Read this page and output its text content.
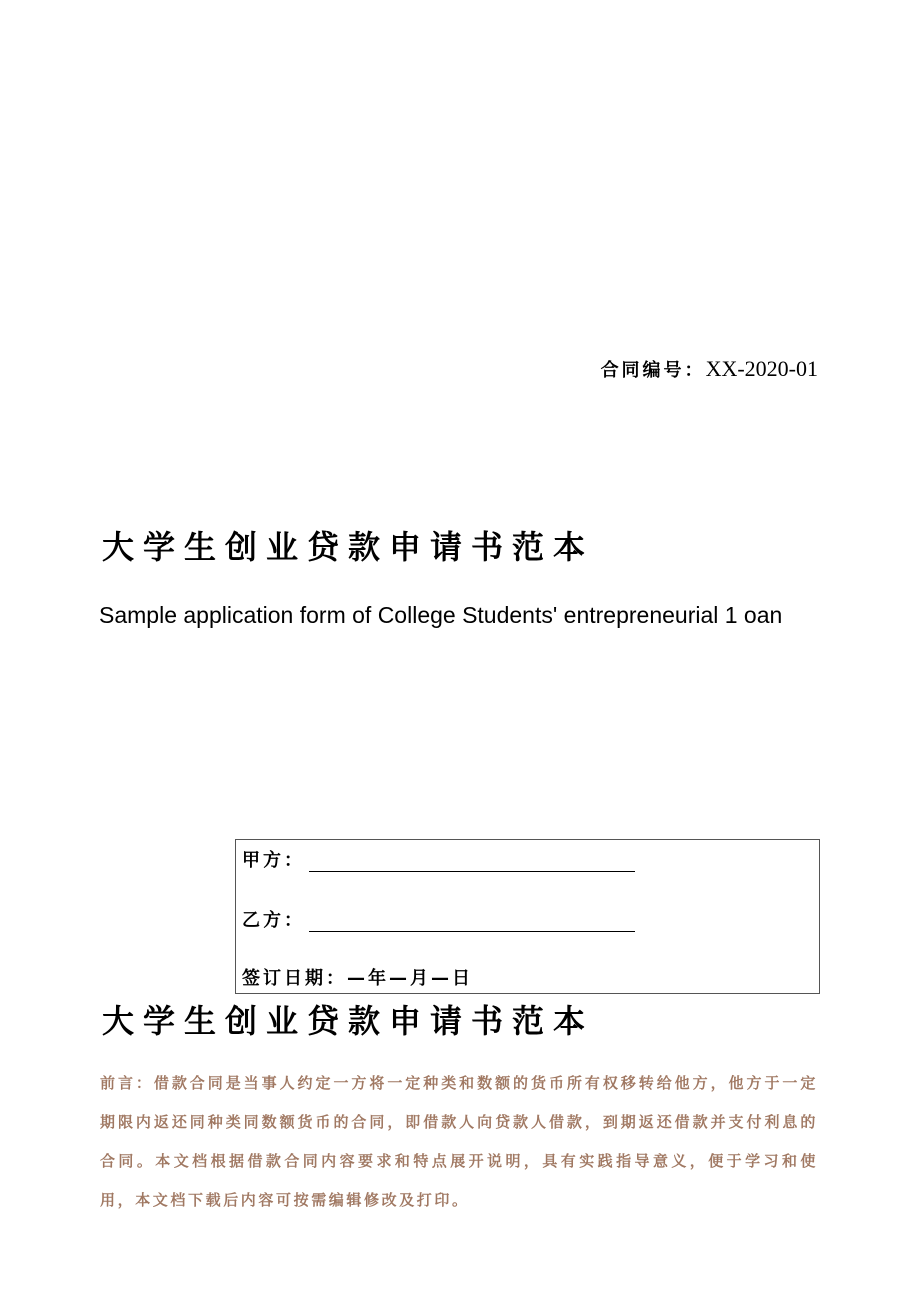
合同编号：XX-2020-01
大学生创业贷款申请书范本
Sample application form of College Students' entrepreneurial 1 oan
甲方：
乙方：
签订日期：—年—月—日
大学生创业贷款申请书范本
前言：借款合同是当事人约定一方将一定种类和数额的货币所有权移转给他方，他方于一定期限内返还同种类同数额货币的合同，即借款人向贷款人借款，到期返还借款并支付利息的合同。本文档根据借款合同内容要求和特点展开说明，具有实践指导意义，便于学习和使用，本文档下载后内容可按需编辑修改及打印。
